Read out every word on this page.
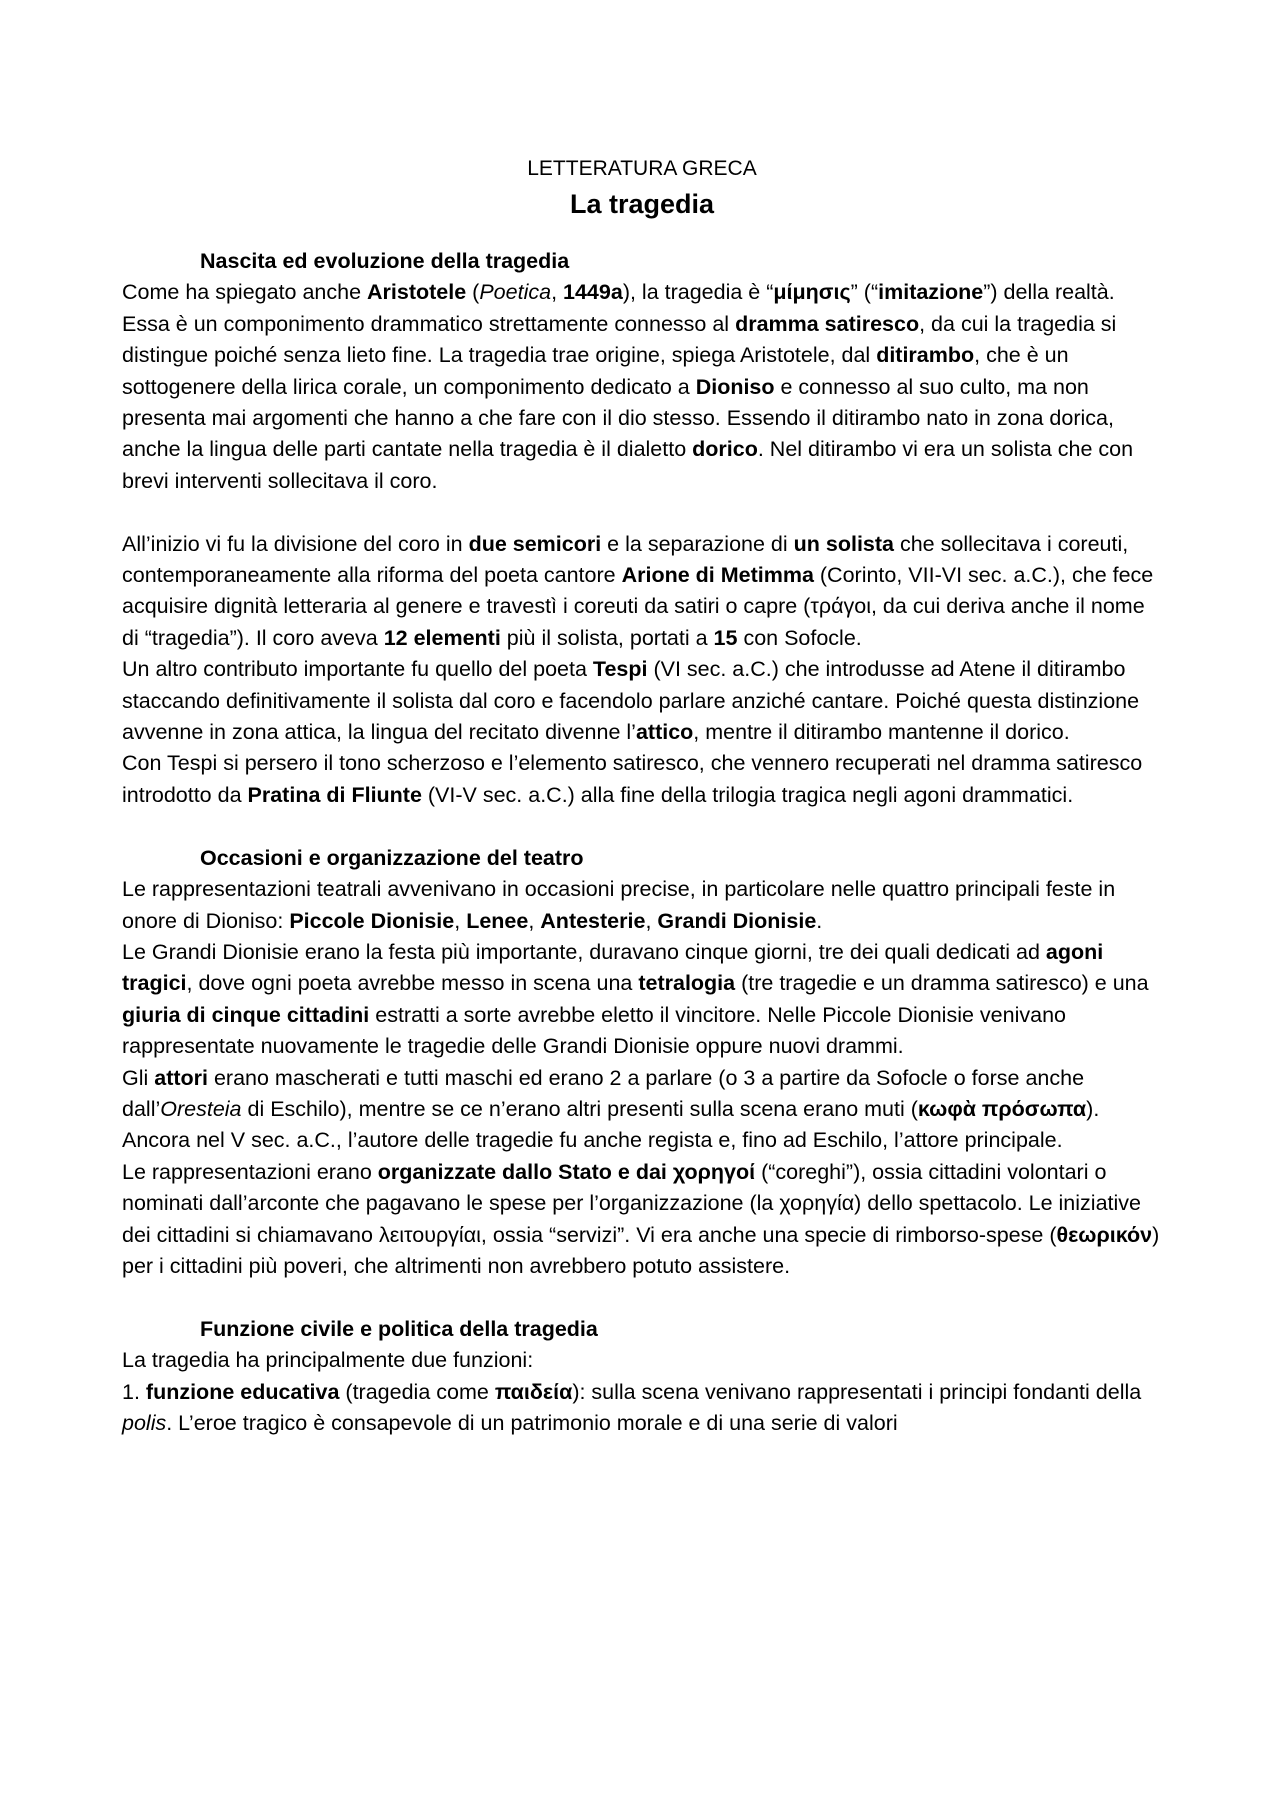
LETTERATURA GRECA
La tragedia
Nascita ed evoluzione della tragedia

Come ha spiegato anche Aristotele (Poetica, 1449a), la tragedia è “μίμησις” (“imitazione”) della realtà. Essa è un componimento drammatico strettamente connesso al dramma satiresco, da cui la tragedia si distingue poiché senza lieto fine. La tragedia trae origine, spiega Aristotele, dal ditirambo, che è un sottogenere della lirica corale, un componimento dedicato a Dioniso e connesso al suo culto, ma non presenta mai argomenti che hanno a che fare con il dio stesso. Essendo il ditirambo nato in zona dorica, anche la lingua delle parti cantate nella tragedia è il dialetto dorico. Nel ditirambo vi era un solista che con brevi interventi sollecitava il coro.

All’inizio vi fu la divisione del coro in due semicori e la separazione di un solista che sollecitava i coreuti, contemporaneamente alla riforma del poeta cantore Arione di Metimma (Corinto, VII-VI sec. a.C.), che fece acquisire dignità letteraria al genere e travestì i coreuti da satiri o capre (τράγοι, da cui deriva anche il nome di “tragedia”). Il coro aveva 12 elementi più il solista, portati a 15 con Sofocle.

Un altro contributo importante fu quello del poeta Tespi (VI sec. a.C.) che introdusse ad Atene il ditirambo staccando definitivamente il solista dal coro e facendolo parlare anziché cantare. Poiché questa distinzione avvenne in zona attica, la lingua del recitato divenne l’attico, mentre il ditirambo mantenne il dorico.

Con Tespi si persero il tono scherzoso e l’elemento satiresco, che vennero recuperati nel dramma satiresco introdotto da Pratina di Fliunte (VI-V sec. a.C.) alla fine della trilogia tragica negli agoni drammatici.

Occasioni e organizzazione del teatro

Le rappresentazioni teatrali avvenivano in occasioni precise, in particolare nelle quattro principali feste in onore di Dioniso: Piccole Dionisie, Lenee, Antesterie, Grandi Dionisie.

Le Grandi Dionisie erano la festa più importante, duravano cinque giorni, tre dei quali dedicati ad agoni tragici, dove ogni poeta avrebbe messo in scena una tetralogia (tre tragedie e un dramma satiresco) e una giuria di cinque cittadini estratti a sorte avrebbe eletto il vincitore. Nelle Piccole Dionisie venivano rappresentate nuovamente le tragedie delle Grandi Dionisie oppure nuovi drammi.

Gli attori erano mascherati e tutti maschi ed erano 2 a parlare (o 3 a partire da Sofocle o forse anche dall’Oresteia di Eschilo), mentre se ce n’erano altri presenti sulla scena erano muti (κωφὰ πρόσωπα). Ancora nel V sec. a.C., l’autore delle tragedie fu anche regista e, fino ad Eschilo, l’attore principale.

Le rappresentazioni erano organizzate dallo Stato e dai χορηγοί (“coreghi”), ossia cittadini volontari o nominati dall’arconte che pagavano le spese per l’organizzazione (la χορηγία) dello spettacolo. Le iniziative dei cittadini si chiamavano λειτουργίαι, ossia “servizi”. Vi era anche una specie di rimborso-spese (θεωρικόν) per i cittadini più poveri, che altrimenti non avrebbero potuto assistere.

Funzione civile e politica della tragedia

La tragedia ha principalmente due funzioni:

1. funzione educativa (tragedia come παιδεία): sulla scena venivano rappresentati i principi fondanti della polis. L’eroe tragico è consapevole di un patrimonio morale e di una serie di valori
